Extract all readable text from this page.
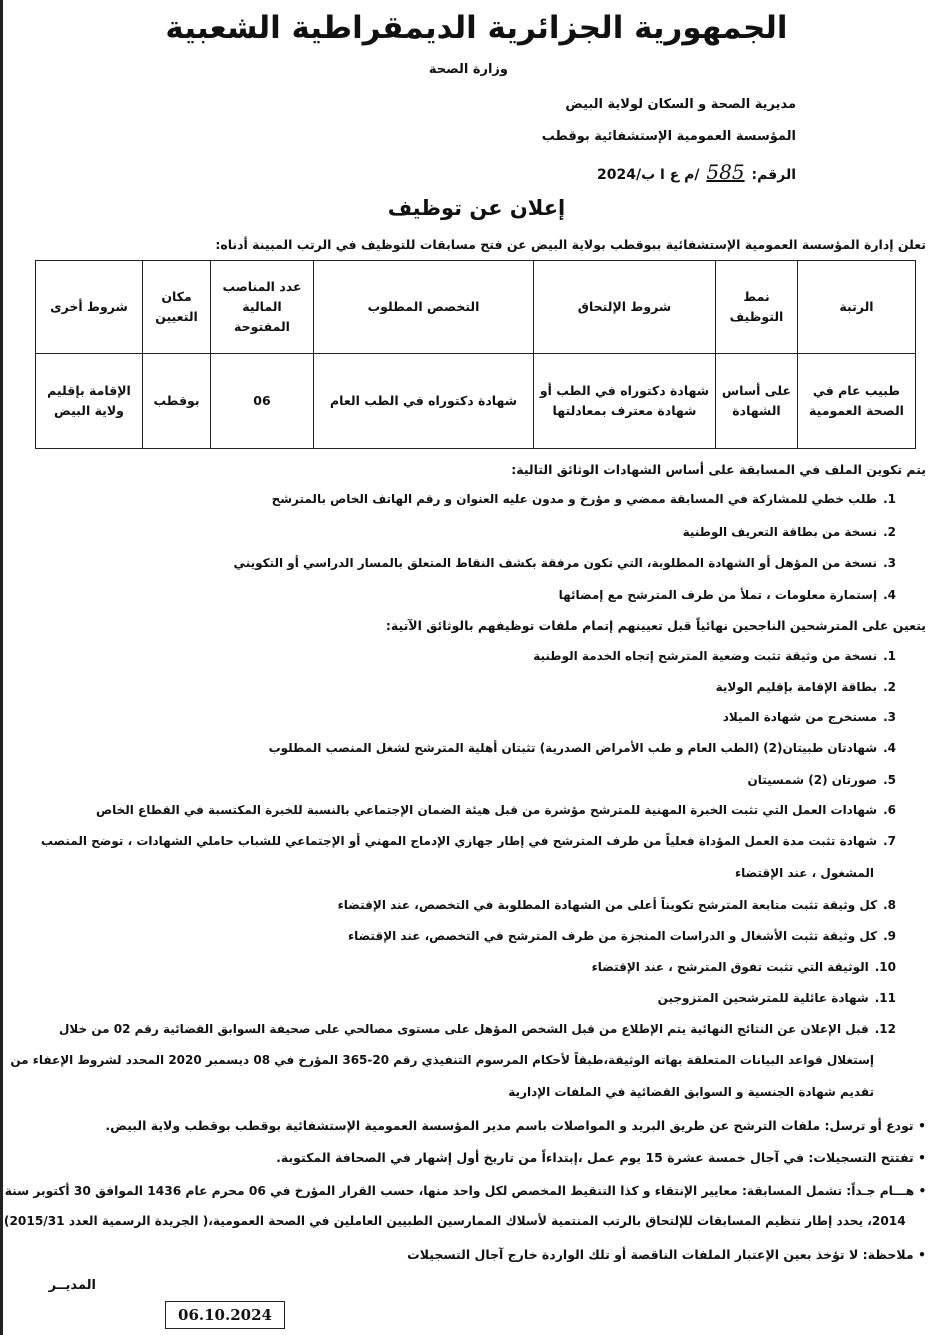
الجمهورية الجزائرية الديمقراطية الشعبية
وزارة الصحة
مديرية الصحة و السكان لولاية البيض
المؤسسة العمومية الإستشفائية بوقطب
الرقم: 585 /م ع ا ب/2024
إعلان عن توظيف
تعلن إدارة المؤسسة العمومية الإستشفائية ببوقطب بولاية البيض عن فتح مسابقات للتوظيف في الرتب المبينة أدناه:
الرتبة	نمط التوظيف	شروط الإلتحاق	التخصص المطلوب	عدد المناصب المالية المفتوحة	مكان التعيين	شروط أخرى
طبيب عام في الصحة العمومية	على أساس الشهادة	شهادة دكتوراه في الطب أو شهادة معترف بمعادلتها	شهادة دكتوراه في الطب العام	06	بوقطب	الإقامة بإقليم ولاية البيض
يتم تكوين الملف في المسابقة على أساس الشهادات الوثائق التالية:
1.طلب خطي للمشاركة في المسابقة ممضي و مؤرخ و مدون عليه العنوان و رقم الهاتف الخاص بالمترشح
2.نسخة من بطاقة التعريف الوطنية
3.نسخة من المؤهل أو الشهادة المطلوبة، التي تكون مرفقة بكشف النقاط المتعلق بالمسار الدراسي أو التكويني
4.إستمارة معلومات ، تملأ من طرف المترشح مع إمضائها
يتعين على المترشحين الناجحين نهائياً قبل تعيينهم إتمام ملفات توظيفهم بالوثائق الآتية:
1.نسخة من وثيقة تثبت وضعية المترشح إتجاه الخدمة الوطنية
2.بطاقة الإقامة بإقليم الولاية
3.مستخرج من شهادة الميلاد
4.شهادتان طبيتان(2) (الطب العام و طب الأمراض الصدرية) تثبتان أهلية المترشح لشغل المنصب المطلوب
5.صورتان (2) شمسيتان
6.شهادات العمل التي تثبت الخبرة المهنية للمترشح مؤشرة من قبل هيئة الضمان الإجتماعي بالنسبة للخبرة المكتسبة في القطاع الخاص
7.شهادة تثبت مدة العمل المؤداة فعلياً من طرف المترشح في إطار جهازي الإدماج المهني أو الإجتماعي للشباب حاملي الشهادات ، توضح المنصب
المشغول ، عند الإقتضاء
8.كل وثيقة تثبت متابعة المترشح تكويناً أعلى من الشهادة المطلوبة في التخصص، عند الإقتضاء
9.كل وثيقة تثبت الأشغال و الدراسات المنجزة من طرف المترشح في التخصص، عند الإقتضاء
10.الوثيقة التي تثبت تفوق المترشح ، عند الإقتضاء
11.شهادة عائلية للمترشحين المتزوجين
12.قبل الإعلان عن النتائج النهائية يتم الإطلاع من قبل الشخص المؤهل على مستوى مصالحي على صحيفة السوابق القضائية رقم 02 من خلال
إستغلال قواعد البيانات المتعلقة بهاته الوثيقة،طبقاً لأحكام المرسوم التنفيذي رقم 20-365 المؤرخ في 08 ديسمبر 2020 المحدد لشروط الإعفاء من
تقديم شهادة الجنسية و السوابق القضائية في الملفات الإدارية
• تودع أو ترسل: ملفات الترشح عن طريق البريد و المواصلات باسم مدير المؤسسة العمومية الإستشفائية بوقطب بوقطب ولاية البيض.
• تفتتح التسجيلات: في آجال خمسة عشرة 15 يوم عمل ،إبتداءاً من تاريخ أول إشهار في الصحافة المكتوبة.
• هـــام جـداً: تشمل المسابقة: معايير الإنتقاء و كذا التنقيط المخصص لكل واحد منها، حسب القرار المؤرخ في 06 محرم عام 1436 الموافق 30 أكتوبر سنة
2014، يحدد إطار تنظيم المسابقات للإلتحاق بالرتب المنتمية لأسلاك الممارسين الطبيين العاملين في الصحة العمومية،( الجريدة الرسمية العدد 2015/31)
• ملاحظة: لا تؤخذ بعين الإعتبار الملفات الناقصة أو تلك الواردة خارج آجال التسجيلات
المديــر
06.10.2024
